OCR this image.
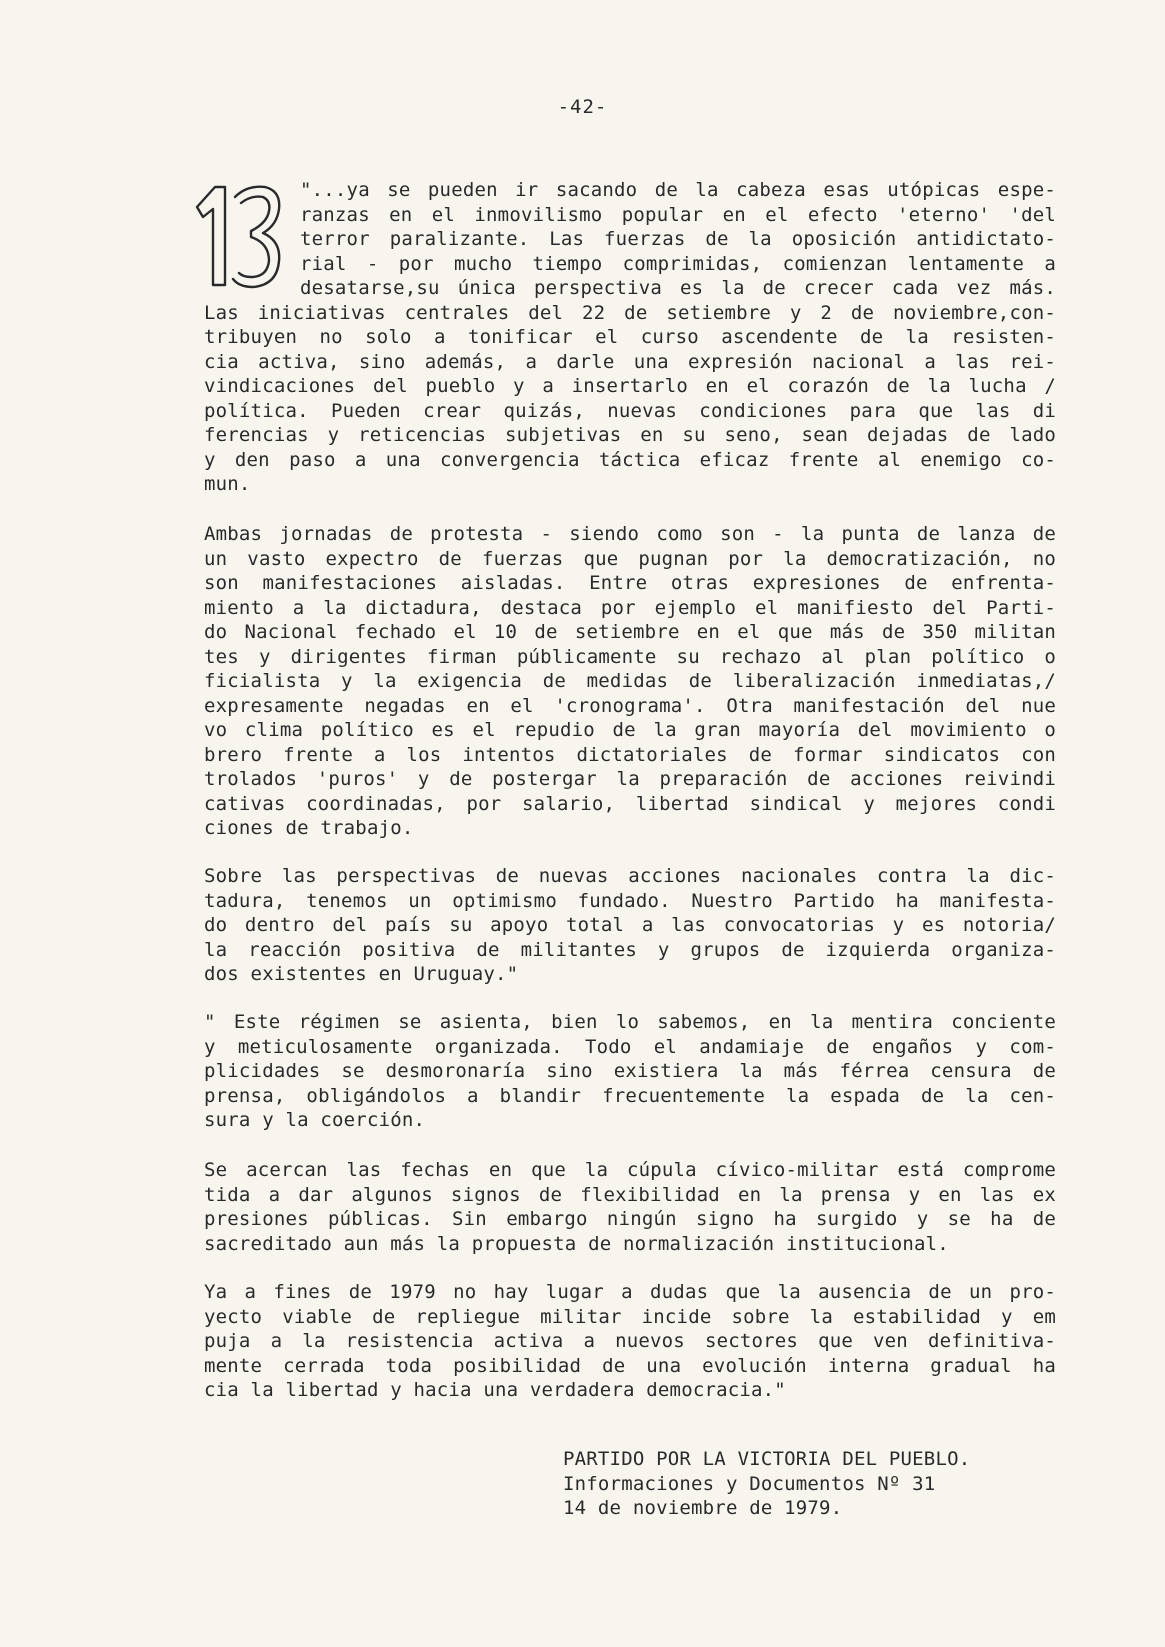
-42-
"...ya se pueden ir sacando de la cabeza esas utópicas espe-
ranzas en el inmovilismo popular en el efecto 'eterno' 'del
terror paralizante. Las fuerzas de la oposición antidictato-
rial - por mucho tiempo comprimidas, comienzan lentamente a
desatarse,su única perspectiva es la de crecer cada vez más.
Las iniciativas centrales del 22 de setiembre y 2 de noviembre,con-
tribuyen no solo a tonificar el curso ascendente de la resisten-
cia activa, sino además, a darle una expresión nacional a las rei-
vindicaciones del pueblo y a insertarlo en el corazón de la lucha /
política. Pueden crear quizás, nuevas condiciones para que las di
ferencias y reticencias subjetivas en su seno, sean dejadas de lado
y den paso a una convergencia táctica eficaz frente al enemigo co-
mun.
Ambas jornadas de protesta - siendo como son - la punta de lanza de
un vasto expectro de fuerzas que pugnan por la democratización, no
son manifestaciones aisladas. Entre otras expresiones de enfrenta-
miento a la dictadura, destaca por ejemplo el manifiesto del Parti-
do Nacional fechado el 10 de setiembre en el que más de 350 militan
tes y dirigentes firman públicamente su rechazo al plan político o
ficialista y la exigencia de medidas de liberalización inmediatas,/
expresamente negadas en el 'cronograma'. Otra manifestación del nue
vo clima político es el repudio de la gran mayoría del movimiento o
brero frente a los intentos dictatoriales de formar sindicatos con
trolados 'puros' y de postergar la preparación de acciones reivindi
cativas coordinadas, por salario, libertad sindical y mejores condi
ciones de trabajo.
Sobre las perspectivas de nuevas acciones nacionales contra la dic-
tadura, tenemos un optimismo fundado. Nuestro Partido ha manifesta-
do dentro del país su apoyo total a las convocatorias y es notoria/
la reacción positiva de militantes y grupos de izquierda organiza-
dos existentes en Uruguay."
" Este régimen se asienta, bien lo sabemos, en la mentira conciente
y meticulosamente organizada. Todo el andamiaje de engaños y com-
plicidades se desmoronaría sino existiera la más férrea censura de
prensa, obligándolos a blandir frecuentemente la espada de la cen-
sura y la coerción.
Se acercan las fechas en que la cúpula cívico-militar está comprome
tida a dar algunos signos de flexibilidad en la prensa y en las ex
presiones públicas. Sin embargo ningún signo ha surgido y se ha de
sacreditado aun más la propuesta de normalización institucional.
Ya a fines de 1979 no hay lugar a dudas que la ausencia de un pro-
yecto viable de repliegue militar incide sobre la estabilidad y em
puja a la resistencia activa a nuevos sectores que ven definitiva-
mente cerrada toda posibilidad de una evolución interna gradual ha
cia la libertad y hacia una verdadera democracia."
PARTIDO POR LA VICTORIA DEL PUEBLO.
Informaciones y Documentos Nº 31
14 de noviembre de 1979.
